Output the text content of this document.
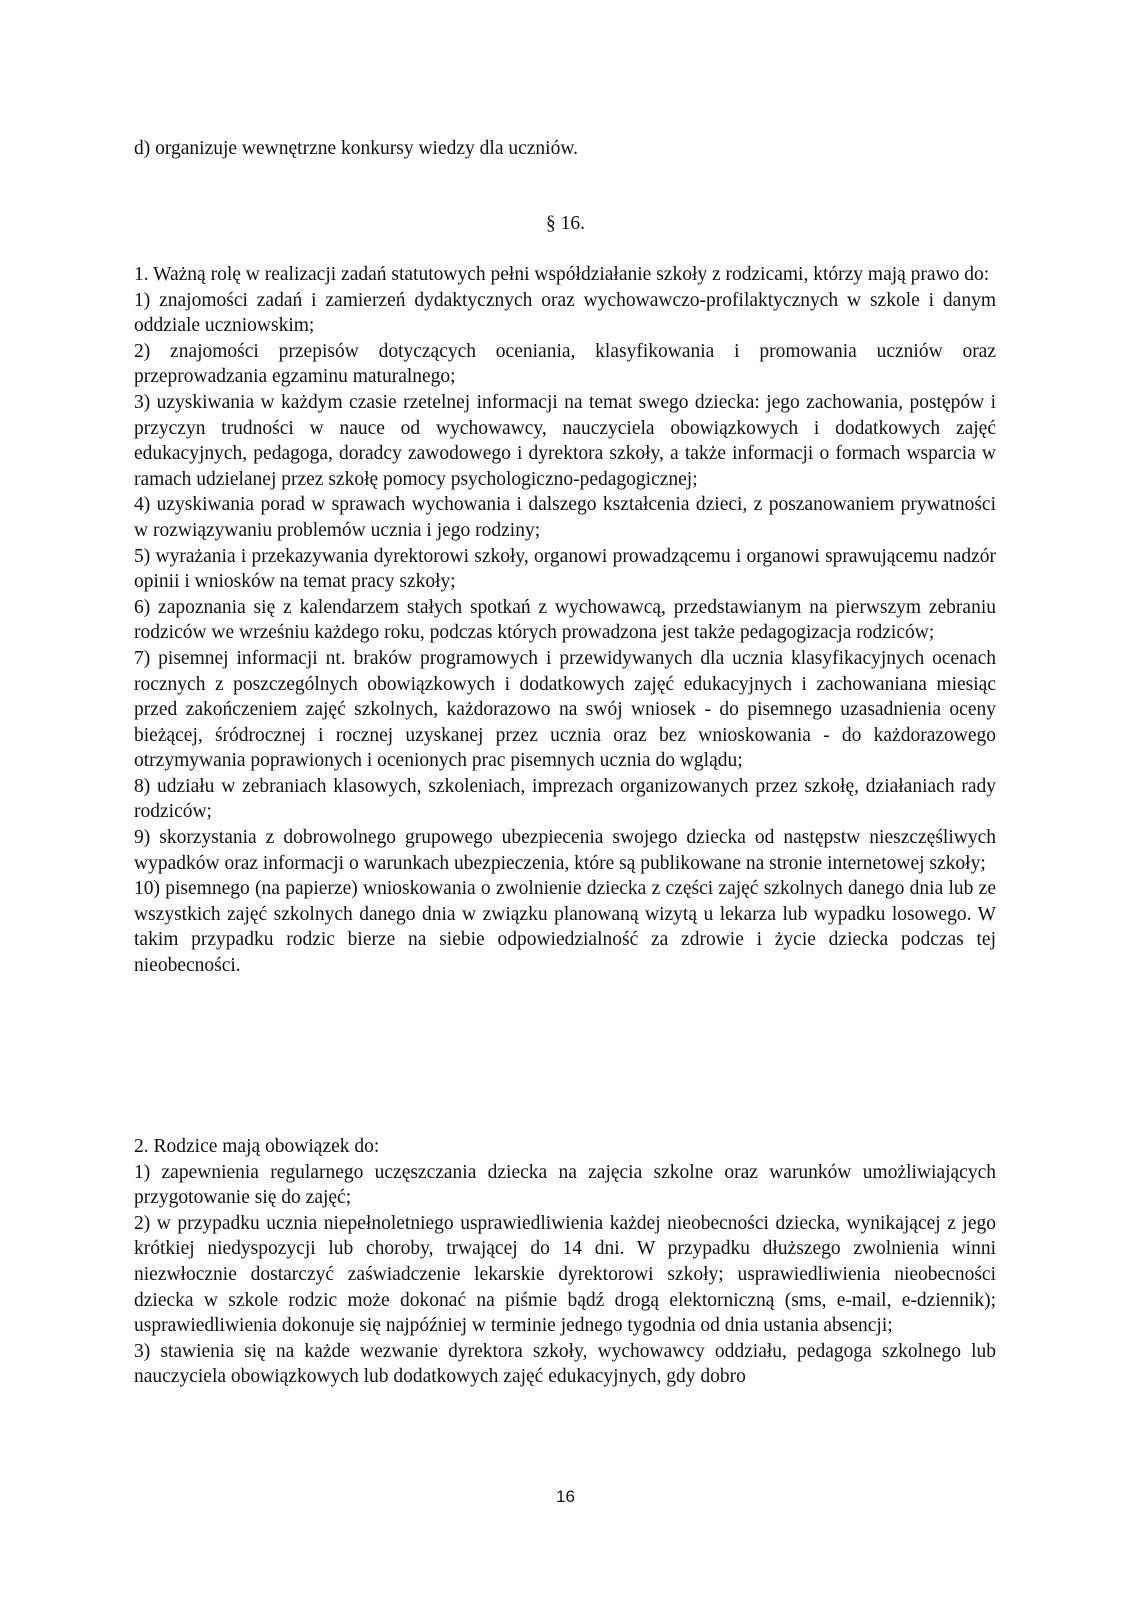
d) organizuje wewnętrzne konkursy wiedzy dla uczniów.

§ 16.

1. Ważną rolę w realizacji zadań statutowych pełni współdziałanie szkoły z rodzicami, którzy mają prawo do:

1) znajomości zadań i zamierzeń dydaktycznych oraz wychowawczo-profilaktycznych w szkole i danym oddziale uczniowskim;

2) znajomości przepisów dotyczących oceniania, klasyfikowania i promowania uczniów oraz przeprowadzania egzaminu maturalnego;

3) uzyskiwania w każdym czasie rzetelnej informacji na temat swego dziecka: jego zachowania, postępów i przyczyn trudności w nauce od wychowawcy, nauczyciela obowiązkowych i dodatkowych zajęć edukacyjnych, pedagoga, doradcy zawodowego i dyrektora szkoły, a także informacji o formach wsparcia w ramach udzielanej przez szkołę pomocy psychologiczno-pedagogicznej;

4) uzyskiwania porad w sprawach wychowania i dalszego kształcenia dzieci, z poszanowaniem prywatności w rozwiązywaniu problemów ucznia i jego rodziny;

5) wyrażania i przekazywania dyrektorowi szkoły, organowi prowadzącemu i organowi sprawującemu nadzór opinii i wniosków na temat pracy szkoły;

6) zapoznania się z kalendarzem stałych spotkań z wychowawcą, przedstawianym na pierwszym zebraniu rodziców we wrześniu każdego roku, podczas których prowadzona jest także pedagogizacja rodziców;

7) pisemnej informacji nt. braków programowych i przewidywanych dla ucznia klasyfikacyjnych ocenach rocznych z poszczególnych obowiązkowych i dodatkowych zajęć edukacyjnych i zachowaniana miesiąc przed zakończeniem zajęć szkolnych, każdorazowo na swój wniosek - do pisemnego uzasadnienia oceny bieżącej, śródrocznej i rocznej uzyskanej przez ucznia oraz bez wnioskowania - do każdorazowego otrzymywania poprawionych i ocenionych prac pisemnych ucznia do wglądu;

8) udziału w zebraniach klasowych, szkoleniach, imprezach organizowanych przez szkołę, działaniach rady rodziców;

9) skorzystania z dobrowolnego grupowego ubezpiecenia swojego dziecka od następstw nieszczęśliwych wypadków oraz informacji o warunkach ubezpieczenia, które są publikowane na stronie internetowej szkoły;

10) pisemnego (na papierze) wnioskowania o zwolnienie dziecka z części zajęć szkolnych danego dnia lub ze wszystkich zajęć szkolnych danego dnia w związku planowaną wizytą u lekarza lub wypadku losowego. W takim przypadku rodzic bierze na siebie odpowiedzialność za zdrowie i życie dziecka podczas tej nieobecności.

2. Rodzice mają obowiązek do:

1) zapewnienia regularnego uczęszczania dziecka na zajęcia szkolne oraz warunków umożliwiających przygotowanie się do zajęć;

2) w przypadku ucznia niepełnoletniego usprawiedliwienia każdej nieobecności dziecka, wynikającej z jego krótkiej niedyspozycji lub choroby, trwającej do 14 dni. W przypadku dłuższego zwolnienia winni niezwłocznie dostarczyć zaświadczenie lekarskie dyrektorowi szkoły; usprawiedliwienia nieobecności dziecka w szkole rodzic może dokonać na piśmie bądź drogą elektorniczną (sms, e-mail, e-dziennik); usprawiedliwienia dokonuje się najpóźniej w terminie jednego tygodnia od dnia ustania absencji;

3) stawienia się na każde wezwanie dyrektora szkoły, wychowawcy oddziału, pedagoga szkolnego lub nauczyciela obowiązkowych lub dodatkowych zajęć edukacyjnych, gdy dobro

16
